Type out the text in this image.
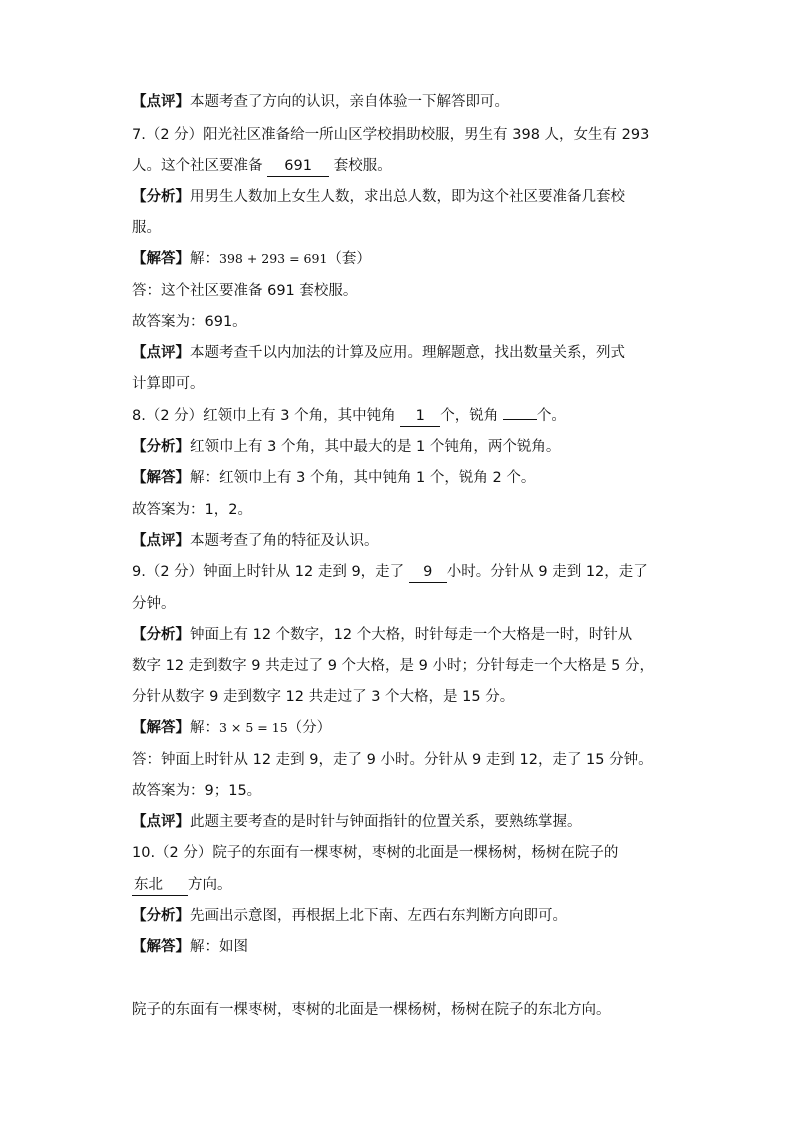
【点评】本题考查了方向的认识，亲自体验一下解答即可。
7.（2 分）阳光社区准备给一所山区学校捐助校服，男生有 398 人，女生有 293
人。这个社区要准备 691 套校服。
【分析】用男生人数加上女生人数，求出总人数，即为这个社区要准备几套校
服。
【解答】解：398 + 293 = 691（套）
答：这个社区要准备 691 套校服。
故答案为：691。
【点评】本题考查千以内加法的计算及应用。理解题意，找出数量关系，列式
计算即可。
8.（2 分）红领巾上有 3 个角，其中钝角 1 个，锐角 个。
【分析】红领巾上有 3 个角，其中最大的是 1 个钝角，两个锐角。
【解答】解：红领巾上有 3 个角，其中钝角 1 个，锐角 2 个。
故答案为：1，2。
【点评】本题考查了角的特征及认识。
9.（2 分）钟面上时针从 12 走到 9，走了 9 小时。分针从 9 走到 12，走了
分钟。
【分析】钟面上有 12 个数字，12 个大格，时针每走一个大格是一时，时针从
数字 12 走到数字 9 共走过了 9 个大格，是 9 小时；分针每走一个大格是 5 分，
分针从数字 9 走到数字 12 共走过了 3 个大格，是 15 分。
【解答】解：3 × 5 = 15（分）
答：钟面上时针从 12 走到 9，走了 9 小时。分针从 9 走到 12，走了 15 分钟。
故答案为：9；15。
【点评】此题主要考查的是时针与钟面指针的位置关系，要熟练掌握。
10.（2 分）院子的东面有一棵枣树，枣树的北面是一棵杨树，杨树在院子的
东北 方向。
【分析】先画出示意图，再根据上北下南、左西右东判断方向即可。
【解答】解：如图
院子的东面有一棵枣树，枣树的北面是一棵杨树，杨树在院子的东北方向。
